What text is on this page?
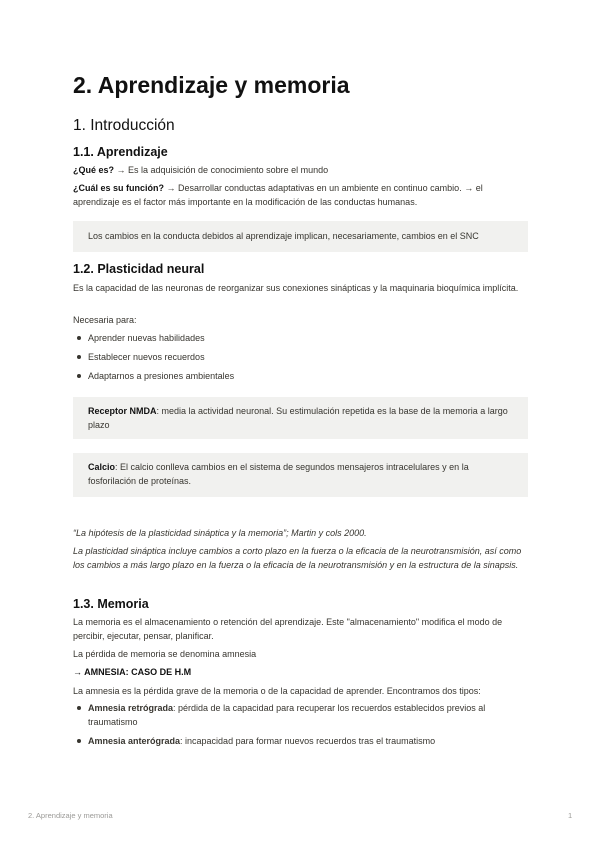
2. Aprendizaje y memoria
1. Introducción
1.1. Aprendizaje

¿Qué es? → Es la adquisición de conocimiento sobre el mundo

¿Cuál es su función? → Desarrollar conductas adaptativas en un ambiente en continuo cambio. → el aprendizaje es el factor más importante en la modificación de las conductas humanas.

Los cambios en la conducta debidos al aprendizaje implican, necesariamente, cambios en el SNC
1.2. Plasticidad neural

Es la capacidad de las neuronas de reorganizar sus conexiones sinápticas y la maquinaria bioquímica implícita.

Necesaria para:

Aprender nuevas habilidades
Establecer nuevos recuerdos
Adaptarnos a presiones ambientales
Receptor NMDA: media la actividad neuronal. Su estimulación repetida es la base de la memoria a largo plazo
Calcio: El calcio conlleva cambios en el sistema de segundos mensajeros intracelulares y en la fosforilación de proteínas.

“La hipótesis de la plasticidad sináptica y la memoria”; Martin y cols 2000.

La plasticidad sináptica incluye cambios a corto plazo en la fuerza o la eficacia de la neurotransmisión, así como los cambios a más largo plazo en la fuerza o la eficacia de la neurotransmisión y en la estructura de la sinapsis.

1.3. Memoria

La memoria es el almacenamiento o retención del aprendizaje. Este "almacenamiento" modifica el modo de percibir, ejecutar, pensar, planificar.

La pérdida de memoria se denomina amnesia

→ AMNESIA: CASO DE H.M

La amnesia es la pérdida grave de la memoria o de la capacidad de aprender. Encontramos dos tipos:

Amnesia retrógrada: pérdida de la capacidad para recuperar los recuerdos establecidos previos al traumatismo
Amnesia anterógrada: incapacidad para formar nuevos recuerdos tras el traumatismo
2. Aprendizaje y memoria	1
